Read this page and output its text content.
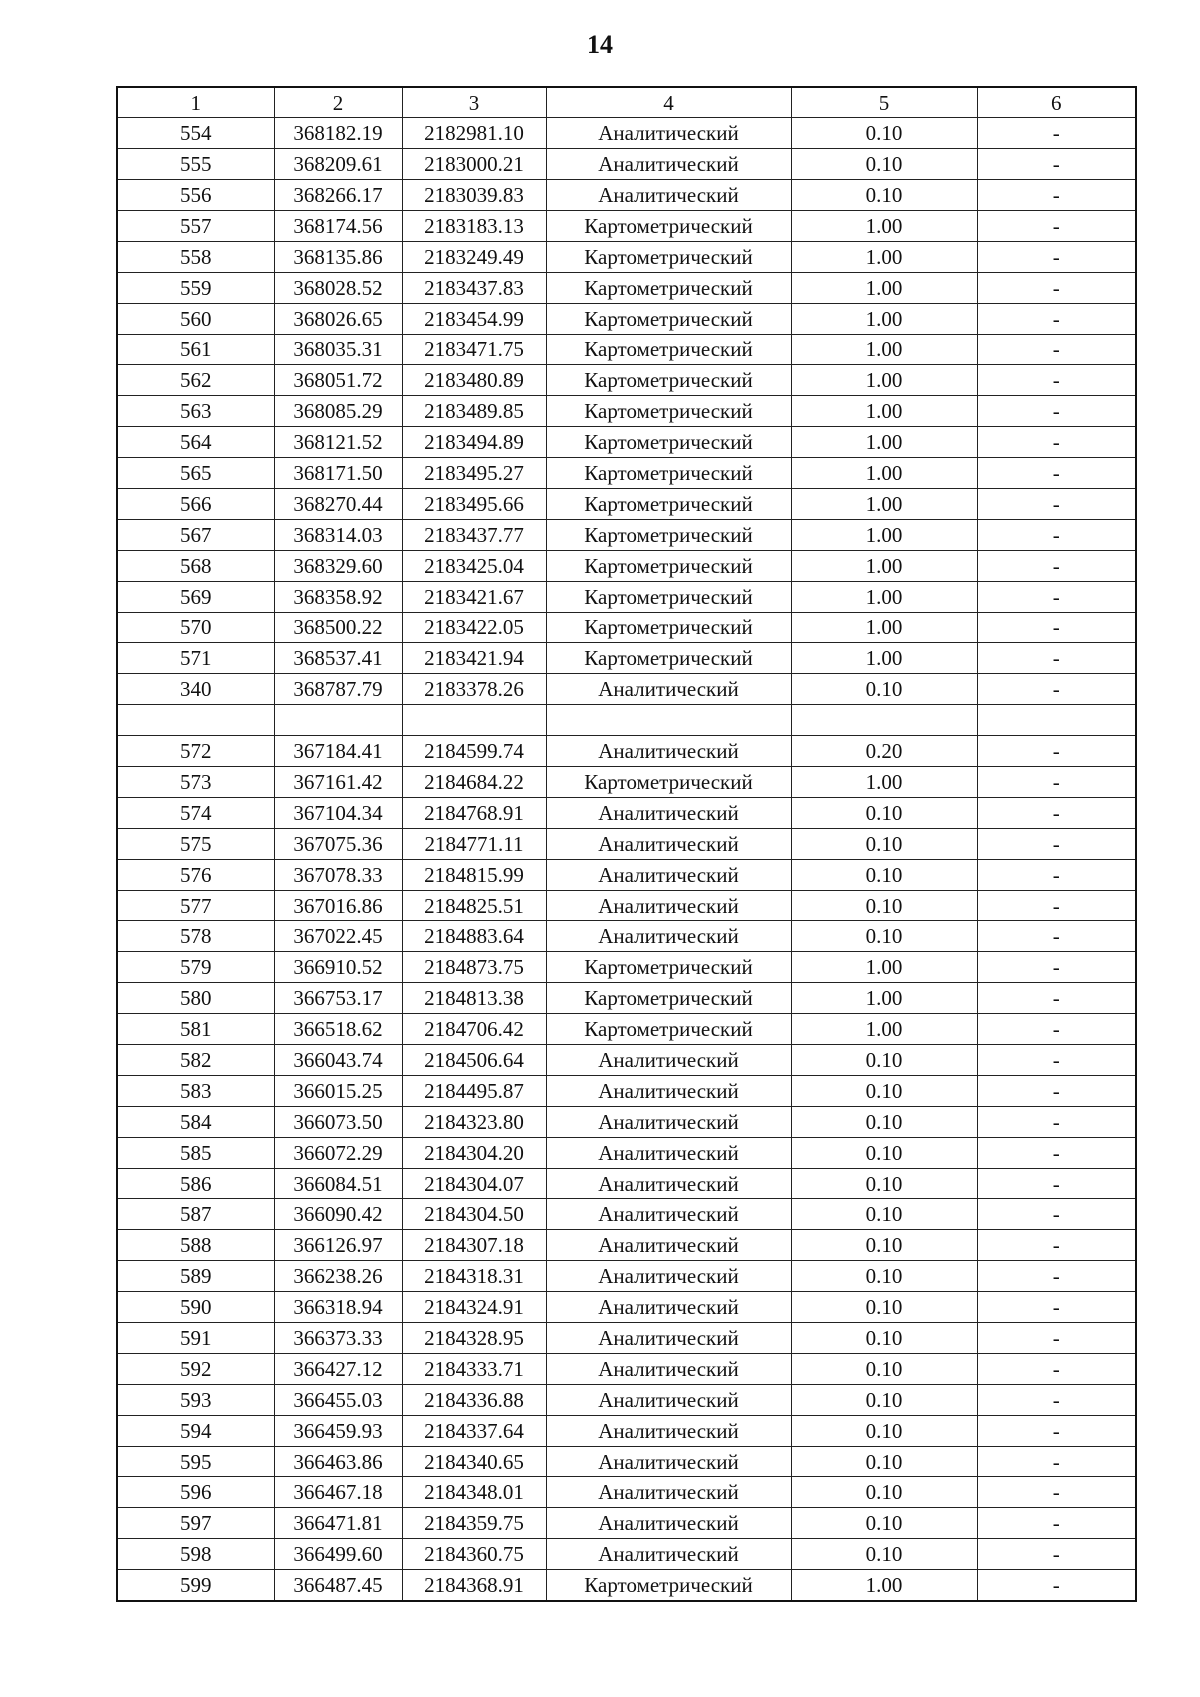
14
1	2	3	4	5	6
554	368182.19	2182981.10	Аналитический	0.10	-
555	368209.61	2183000.21	Аналитический	0.10	-
556	368266.17	2183039.83	Аналитический	0.10	-
557	368174.56	2183183.13	Картометрический	1.00	-
558	368135.86	2183249.49	Картометрический	1.00	-
559	368028.52	2183437.83	Картометрический	1.00	-
560	368026.65	2183454.99	Картометрический	1.00	-
561	368035.31	2183471.75	Картометрический	1.00	-
562	368051.72	2183480.89	Картометрический	1.00	-
563	368085.29	2183489.85	Картометрический	1.00	-
564	368121.52	2183494.89	Картометрический	1.00	-
565	368171.50	2183495.27	Картометрический	1.00	-
566	368270.44	2183495.66	Картометрический	1.00	-
567	368314.03	2183437.77	Картометрический	1.00	-
568	368329.60	2183425.04	Картометрический	1.00	-
569	368358.92	2183421.67	Картометрический	1.00	-
570	368500.22	2183422.05	Картометрический	1.00	-
571	368537.41	2183421.94	Картометрический	1.00	-
340	368787.79	2183378.26	Аналитический	0.10	-

572	367184.41	2184599.74	Аналитический	0.20	-
573	367161.42	2184684.22	Картометрический	1.00	-
574	367104.34	2184768.91	Аналитический	0.10	-
575	367075.36	2184771.11	Аналитический	0.10	-
576	367078.33	2184815.99	Аналитический	0.10	-
577	367016.86	2184825.51	Аналитический	0.10	-
578	367022.45	2184883.64	Аналитический	0.10	-
579	366910.52	2184873.75	Картометрический	1.00	-
580	366753.17	2184813.38	Картометрический	1.00	-
581	366518.62	2184706.42	Картометрический	1.00	-
582	366043.74	2184506.64	Аналитический	0.10	-
583	366015.25	2184495.87	Аналитический	0.10	-
584	366073.50	2184323.80	Аналитический	0.10	-
585	366072.29	2184304.20	Аналитический	0.10	-
586	366084.51	2184304.07	Аналитический	0.10	-
587	366090.42	2184304.50	Аналитический	0.10	-
588	366126.97	2184307.18	Аналитический	0.10	-
589	366238.26	2184318.31	Аналитический	0.10	-
590	366318.94	2184324.91	Аналитический	0.10	-
591	366373.33	2184328.95	Аналитический	0.10	-
592	366427.12	2184333.71	Аналитический	0.10	-
593	366455.03	2184336.88	Аналитический	0.10	-
594	366459.93	2184337.64	Аналитический	0.10	-
595	366463.86	2184340.65	Аналитический	0.10	-
596	366467.18	2184348.01	Аналитический	0.10	-
597	366471.81	2184359.75	Аналитический	0.10	-
598	366499.60	2184360.75	Аналитический	0.10	-
599	366487.45	2184368.91	Картометрический	1.00	-
